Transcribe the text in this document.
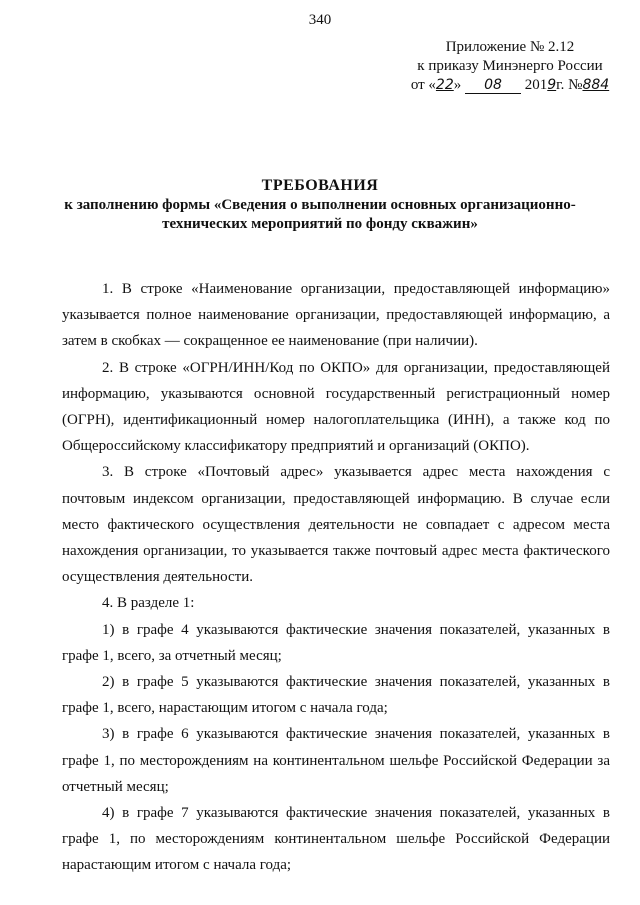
340
Приложение № 2.12
к приказу Минэнерго России
от «22» 08 2019г. №884
ТРЕБОВАНИЯ
к заполнению формы «Сведения о выполнении основных организационно-
технических мероприятий по фонду скважин»

1. В строке «Наименование организации, предоставляющей информацию» указывается полное наименование организации, предоставляющей информацию, а затем в скобках — сокращенное ее наименование (при наличии).

2. В строке «ОГРН/ИНН/Код по ОКПО» для организации, предоставляющей информацию, указываются основной государственный регистрационный номер (ОГРН), идентификационный номер налогоплательщика (ИНН), а также код по Общероссийскому классификатору предприятий и организаций (ОКПО).

3. В строке «Почтовый адрес» указывается адрес места нахождения с почтовым индексом организации, предоставляющей информацию. В случае если место фактического осуществления деятельности не совпадает с адресом места нахождения организации, то указывается также почтовый адрес места фактического осуществления деятельности.

4. В разделе 1:

1) в графе 4 указываются фактические значения показателей, указанных в графе 1, всего, за отчетный месяц;

2) в графе 5 указываются фактические значения показателей, указанных в графе 1, всего, нарастающим итогом с начала года;

3) в графе 6 указываются фактические значения показателей, указанных в графе 1, по месторождениям на континентальном шельфе Российской Федерации за отчетный месяц;

4) в графе 7 указываются фактические значения показателей, указанных в графе 1, по месторождениям континентальном шельфе Российской Федерации нарастающим итогом с начала года;
